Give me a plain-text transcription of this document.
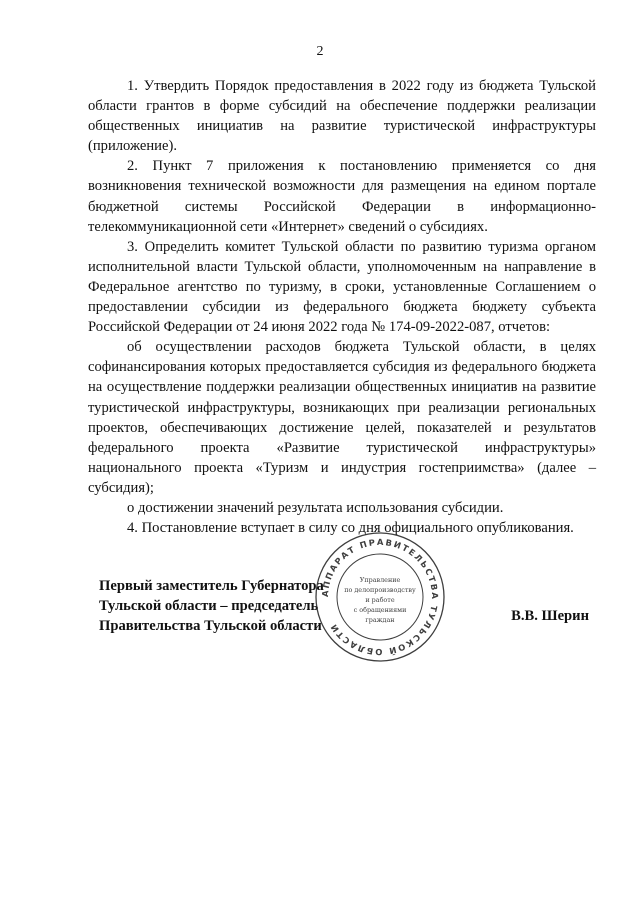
2

1. Утвердить Порядок предоставления в 2022 году из бюджета Тульской области грантов в форме субсидий на обеспечение поддержки реализации общественных инициатив на развитие туристической инфраструктуры (приложение).

2. Пункт 7 приложения к постановлению применяется со дня возникновения технической возможности для размещения на едином портале бюджетной системы Российской Федерации в информационно-телекоммуникационной сети «Интернет» сведений о субсидиях.

3. Определить комитет Тульской области по развитию туризма органом исполнительной власти Тульской области, уполномоченным на направление в Федеральное агентство по туризму, в сроки, установленные Соглашением о предоставлении субсидии из федерального бюджета бюджету субъекта Российской Федерации от 24 июня 2022 года № 174-09-2022-087, отчетов:

об осуществлении расходов бюджета Тульской области, в целях софинансирования которых предоставляется субсидия из федерального бюджета на осуществление поддержки реализации общественных инициатив на развитие туристической инфраструктуры, возникающих при реализации региональных проектов, обеспечивающих достижение целей, показателей и результатов федерального проекта «Развитие туристической инфраструктуры» национального проекта «Туризм и индустрия гостеприимства» (далее – субсидия);

о достижении значений результата использования субсидии.

4. Постановление вступает в силу со дня официального опубликования.

Первый заместитель Губернатора
Тульской области – председатель
Правительства Тульской области
В.В. Шерин
АППАРАТ ПРАВИТЕЛЬСТВА ТУЛЬСКОЙ ОБЛАСТИ
Управление
по делопроизводству
и работе
с обращениями
граждан
